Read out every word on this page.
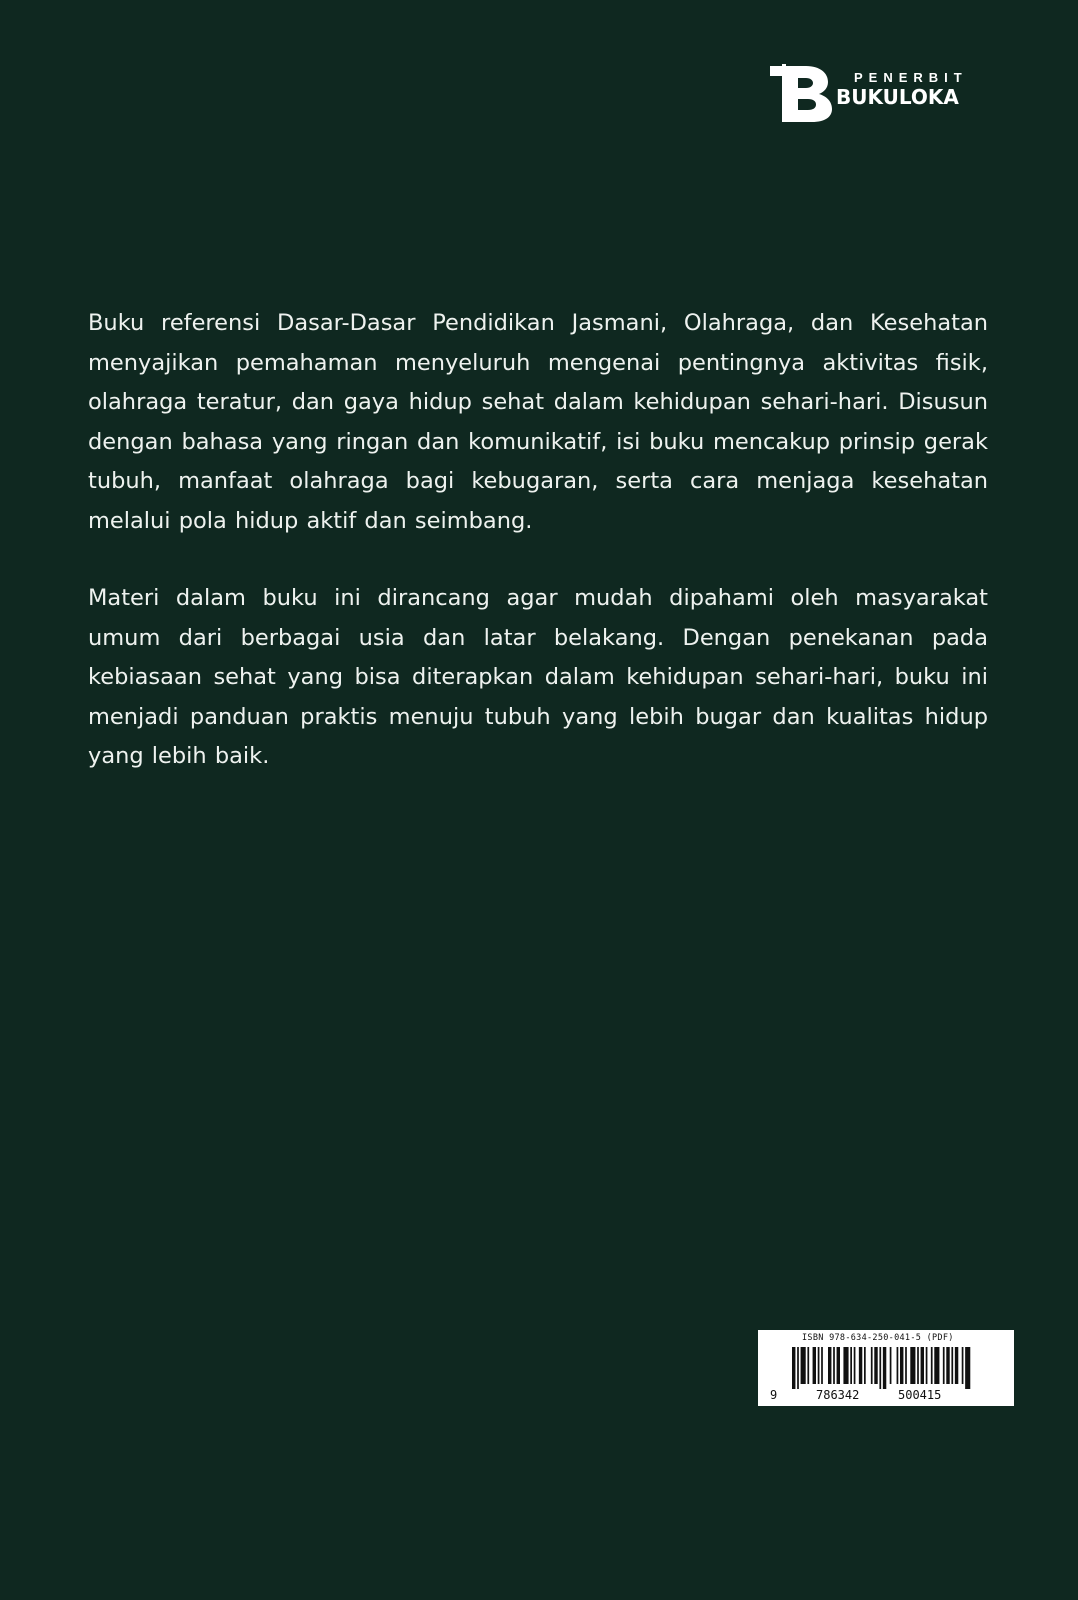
PENERBIT
BUKULOKA

Buku referensi Dasar-Dasar Pendidikan Jasmani, Olahraga, dan Kesehatan menyajikan pemahaman menyeluruh mengenai pentingnya aktivitas fisik, olahraga teratur, dan gaya hidup sehat dalam kehidupan sehari-hari. Disusun dengan bahasa yang ringan dan komunikatif, isi buku mencakup prinsip gerak tubuh, manfaat olahraga bagi kebugaran, serta cara menjaga kesehatan melalui pola hidup aktif dan seimbang.

Materi dalam buku ini dirancang agar mudah dipahami oleh masyarakat umum dari berbagai usia dan latar belakang. Dengan penekanan pada kebiasaan sehat yang bisa diterapkan dalam kehidupan sehari-hari, buku ini menjadi panduan praktis menuju tubuh yang lebih bugar dan kualitas hidup yang lebih baik.

ISBN 978-634-250-041-5 (PDF)
9	786342	500415
